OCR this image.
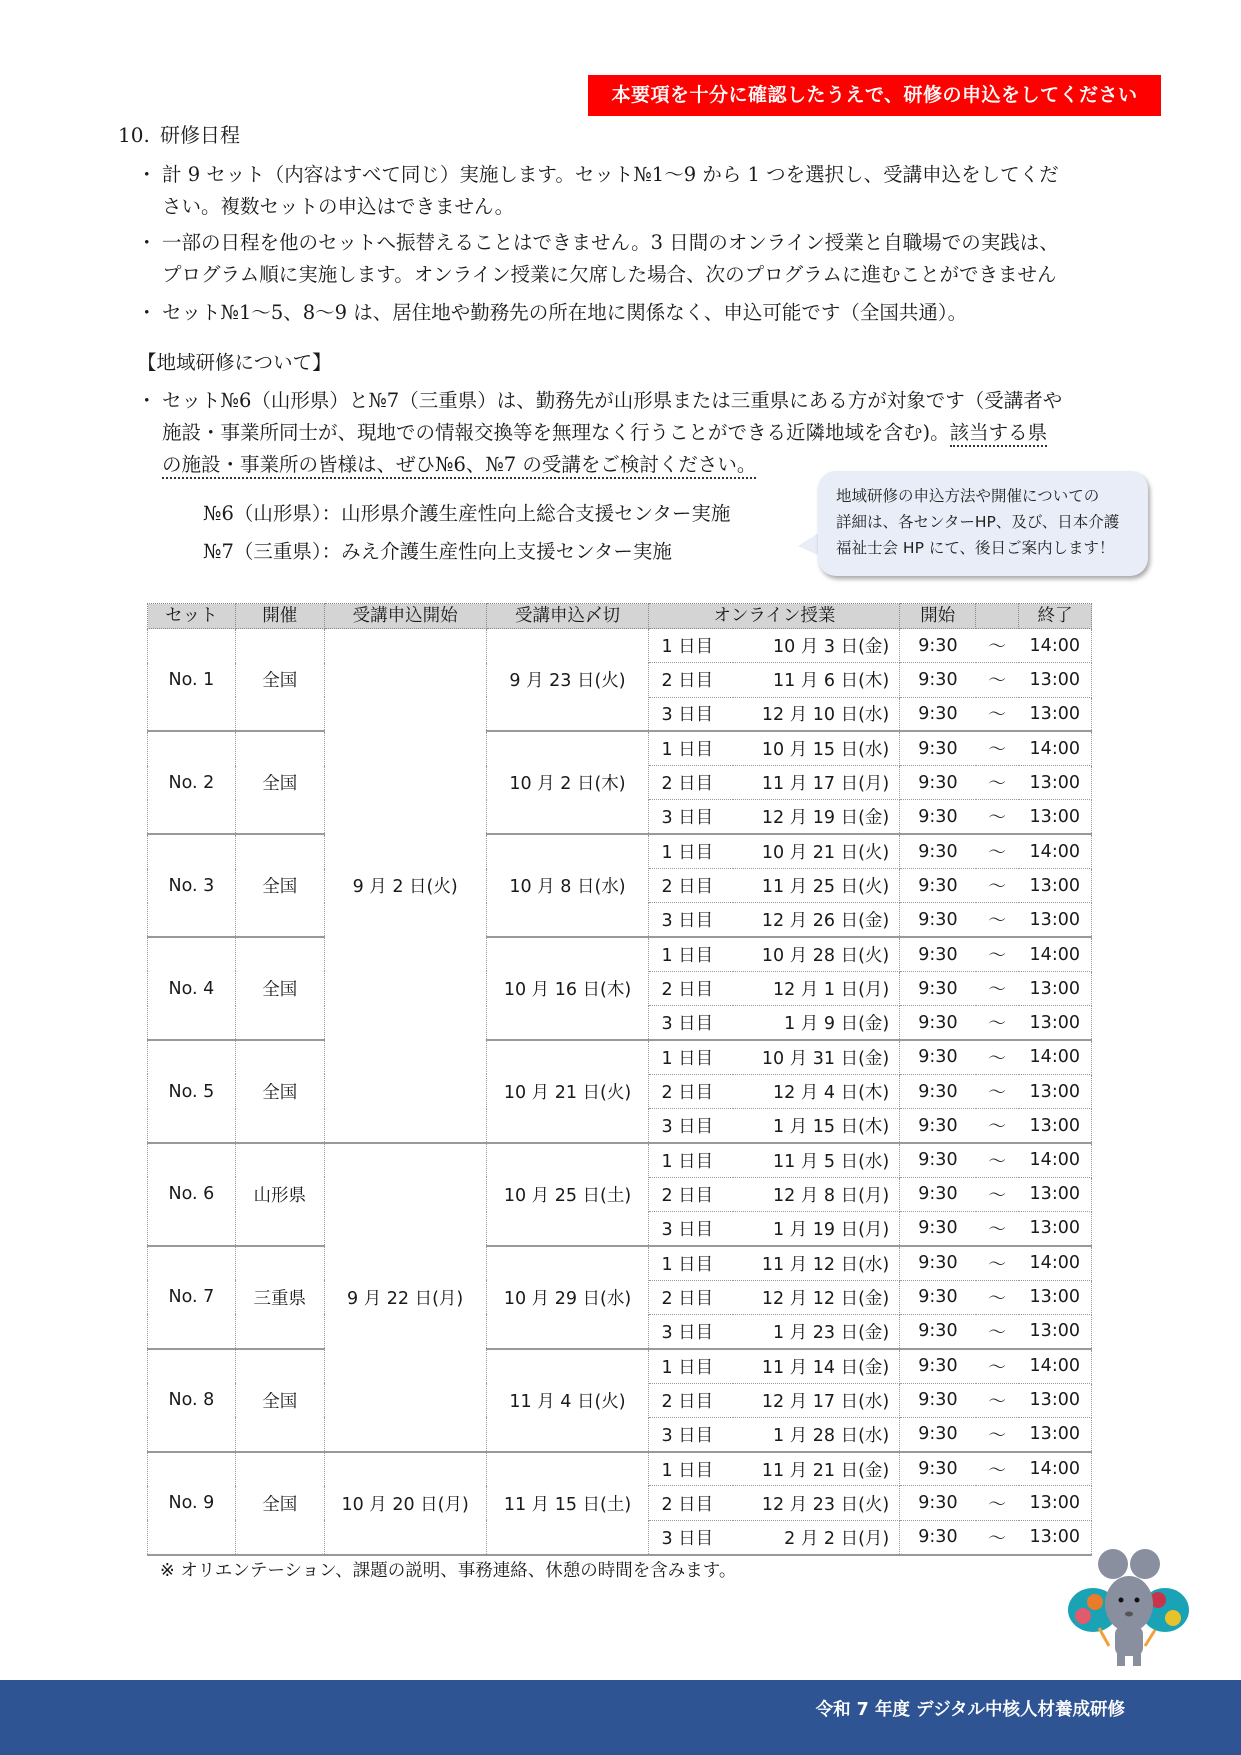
本要項を十分に確認したうえで、研修の申込をしてください
10. 研修日程
・ 計 9 セット（内容はすべて同じ）実施します。セット№1～9 から 1 つを選択し、受講申込をしてくだ
さい。複数セットの申込はできません。
・ 一部の日程を他のセットへ振替えることはできません。3 日間のオンライン授業と自職場での実践は、
プログラム順に実施します。オンライン授業に欠席した場合、次のプログラムに進むことができません
・ セット№1～5、8～9 は、居住地や勤務先の所在地に関係なく、申込可能です（全国共通）。
【地域研修について】
・ セット№6（山形県）と№7（三重県）は、勤務先が山形県または三重県にある方が対象です（受講者や
施設・事業所同士が、現地での情報交換等を無理なく行うことができる近隣地域を含む)。該当する県
の施設・事業所の皆様は、ぜひ№6、№7 の受講をご検討ください。
№6（山形県）：山形県介護生産性向上総合支援センター実施
№7（三重県）：みえ介護生産性向上支援センター実施
地域研修の申込方法や開催についての
詳細は、各センターHP、及び、日本介護
福祉士会 HP にて、後日ご案内します！
セット	開催	受講申込開始	受講申込〆切	オンライン授業		開始		終了
No. 1	全国	9 月 2 日(火)	9 月 23 日(火)	1 日目	10 月 3 日(金)	9:30	～	14:00
				2 日目	11 月 6 日(木)	9:30	～	13:00
				3 日目	12 月 10 日(水)	9:30	～	13:00
No. 2	全国		10 月 2 日(木)	1 日目	10 月 15 日(水)	9:30	～	14:00
				2 日目	11 月 17 日(月)	9:30	～	13:00
				3 日目	12 月 19 日(金)	9:30	～	13:00
No. 3	全国		10 月 8 日(水)	1 日目	10 月 21 日(火)	9:30	～	14:00
				2 日目	11 月 25 日(火)	9:30	～	13:00
				3 日目	12 月 26 日(金)	9:30	～	13:00
No. 4	全国		10 月 16 日(木)	1 日目	10 月 28 日(火)	9:30	～	14:00
				2 日目	12 月 1 日(月)	9:30	～	13:00
				3 日目	1 月 9 日(金)	9:30	～	13:00
No. 5	全国		10 月 21 日(火)	1 日目	10 月 31 日(金)	9:30	～	14:00
				2 日目	12 月 4 日(木)	9:30	～	13:00
				3 日目	1 月 15 日(木)	9:30	～	13:00
No. 6	山形県	9 月 22 日(月)	10 月 25 日(土)	1 日目	11 月 5 日(水)	9:30	～	14:00
				2 日目	12 月 8 日(月)	9:30	～	13:00
				3 日目	1 月 19 日(月)	9:30	～	13:00
No. 7	三重県		10 月 29 日(水)	1 日目	11 月 12 日(水)	9:30	～	14:00
				2 日目	12 月 12 日(金)	9:30	～	13:00
				3 日目	1 月 23 日(金)	9:30	～	13:00
No. 8	全国		11 月 4 日(火)	1 日目	11 月 14 日(金)	9:30	～	14:00
				2 日目	12 月 17 日(水)	9:30	～	13:00
				3 日目	1 月 28 日(水)	9:30	～	13:00
No. 9	全国	10 月 20 日(月)	11 月 15 日(土)	1 日目	11 月 21 日(金)	9:30	～	14:00
				2 日目	12 月 23 日(火)	9:30	～	13:00
				3 日目	2 月 2 日(月)	9:30	～	13:00
※ オリエンテーション、課題の説明、事務連絡、休憩の時間を含みます。
令和 7 年度 デジタル中核人材養成研修
